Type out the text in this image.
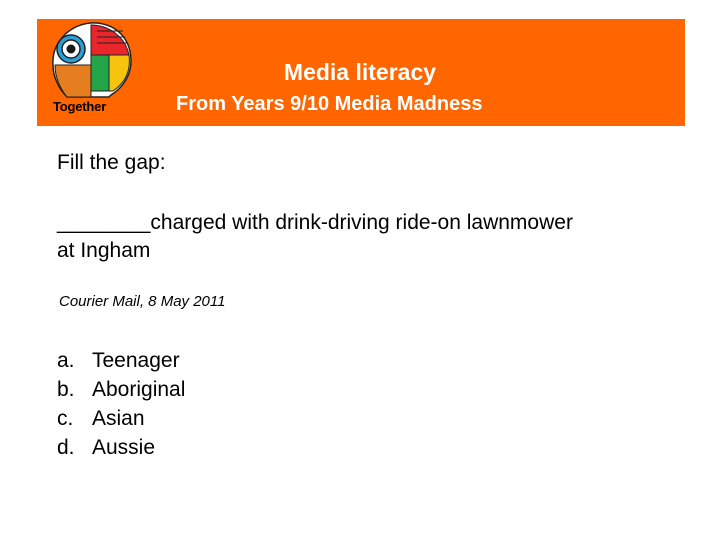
Together
Media literacy
From Years 9/10 Media Madness
Fill the gap:
________charged with drink-driving ride-on lawnmower
at Ingham
Courier Mail, 8 May 2011
a. Teenager
b. Aboriginal
c. Asian
d. Aussie
